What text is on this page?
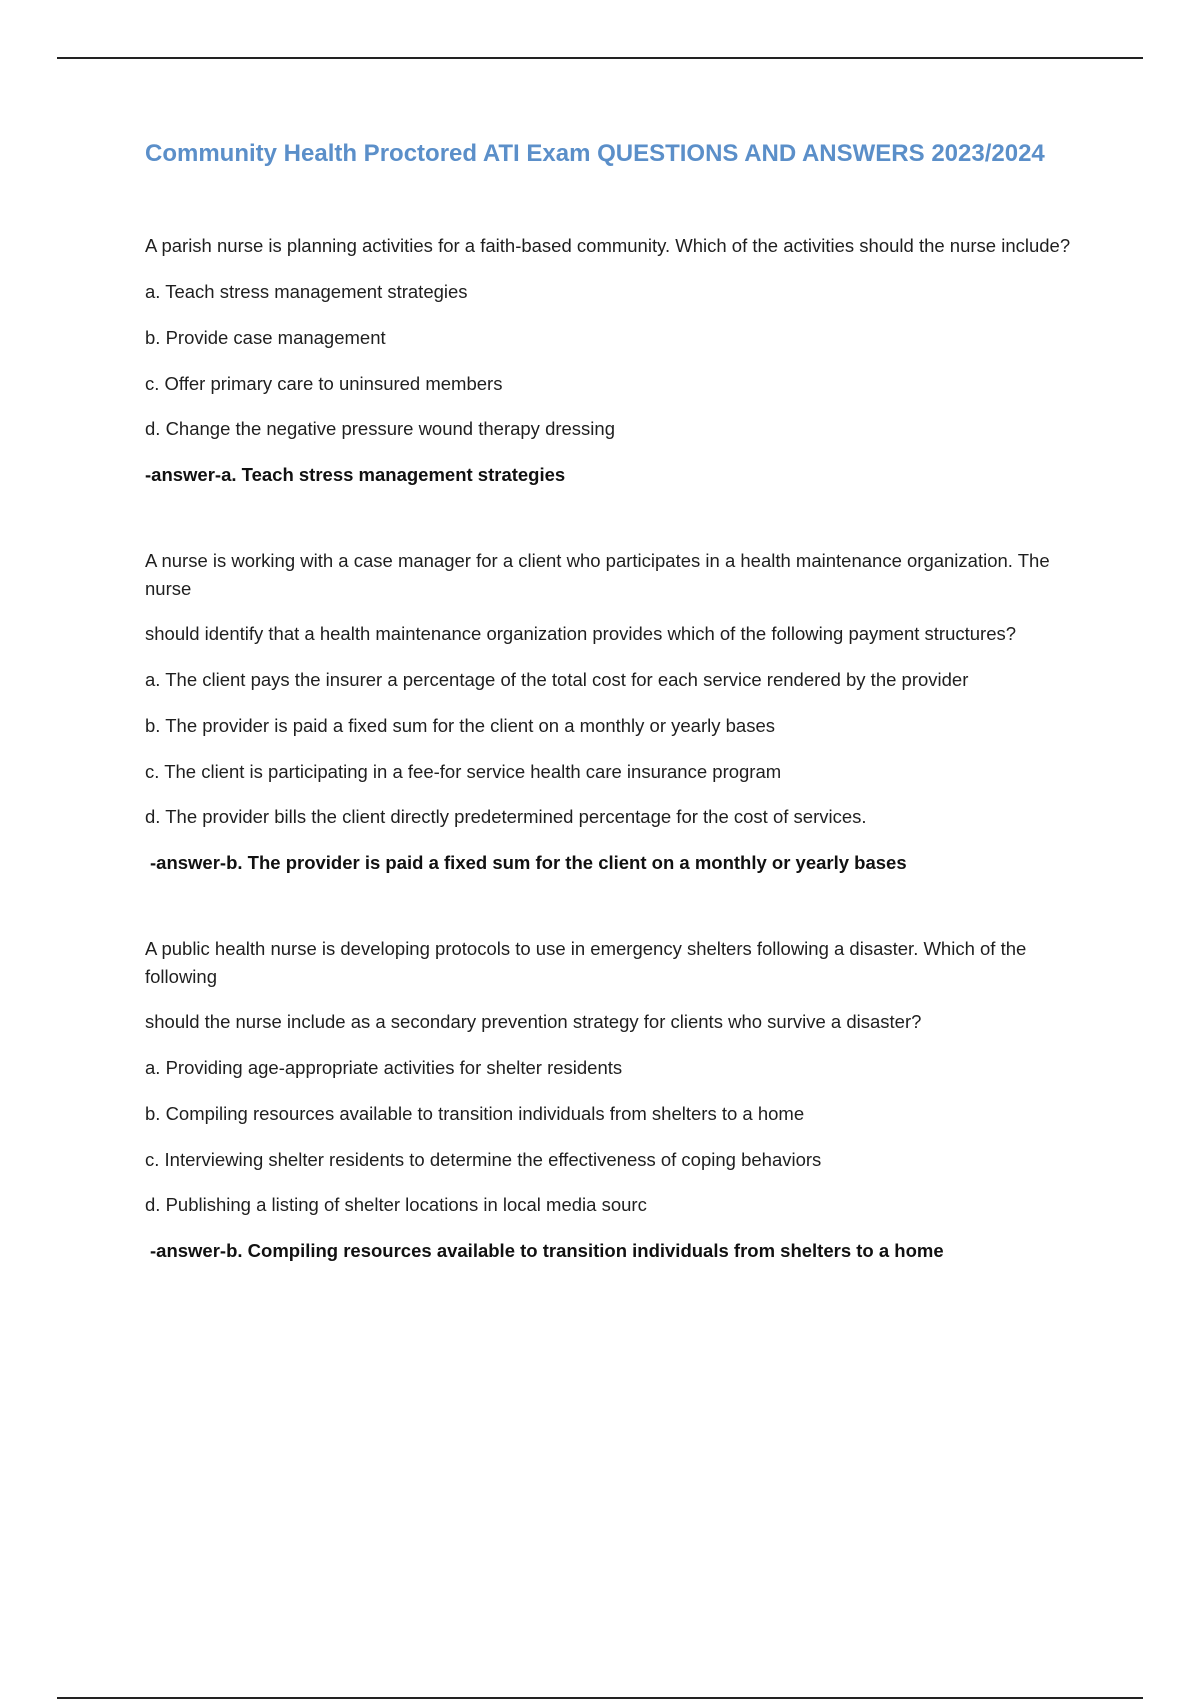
Community Health Proctored ATI Exam QUESTIONS AND ANSWERS 2023/2024

A parish nurse is planning activities for a faith-based community. Which of the activities should the nurse include?

a. Teach stress management strategies

b. Provide case management

c. Offer primary care to uninsured members

d. Change the negative pressure wound therapy dressing

-answer-a. Teach stress management strategies

A nurse is working with a case manager for a client who participates in a health maintenance organization. The nurse

should identify that a health maintenance organization provides which of the following payment structures?

a. The client pays the insurer a percentage of the total cost for each service rendered by the provider

b. The provider is paid a fixed sum for the client on a monthly or yearly bases

c. The client is participating in a fee-for service health care insurance program

d. The provider bills the client directly predetermined percentage for the cost of services.

-answer-b. The provider is paid a fixed sum for the client on a monthly or yearly bases

A public health nurse is developing protocols to use in emergency shelters following a disaster. Which of the following

should the nurse include as a secondary prevention strategy for clients who survive a disaster?

a. Providing age-appropriate activities for shelter residents

b. Compiling resources available to transition individuals from shelters to a home

c. Interviewing shelter residents to determine the effectiveness of coping behaviors

d. Publishing a listing of shelter locations in local media sourc

-answer-b. Compiling resources available to transition individuals from shelters to a home
